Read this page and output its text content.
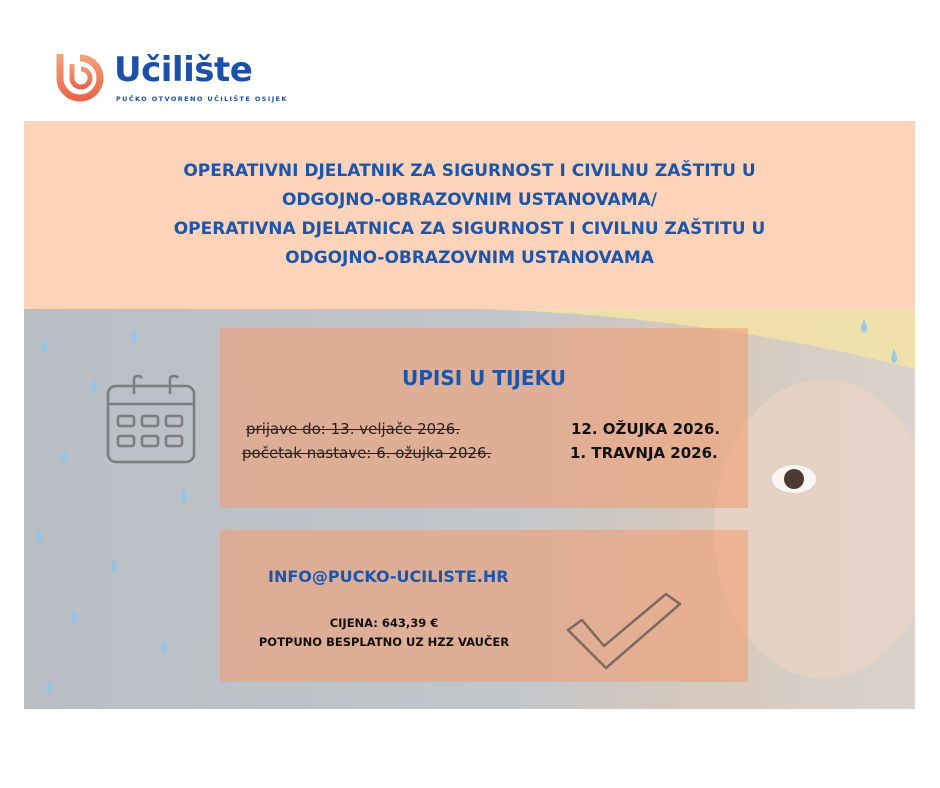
Učilište
PUČKO OTVORENO UČILIŠTE OSIJEK
OPERATIVNI DJELATNIK ZA SIGURNOST I CIVILNU ZAŠTITU U
ODGOJNO-OBRAZOVNIM USTANOVAMA/
OPERATIVNA DJELATNICA ZA SIGURNOST I CIVILNU ZAŠTITU U
ODGOJNO-OBRAZOVNIM USTANOVAMA
UPISI U TIJEKU
prijave do: 13. veljače 2026.
početak nastave: 6. ožujka 2026.
12. OŽUJKA 2026.
1. TRAVNJA 2026.
INFO@PUCKO-UCILISTE.HR
CIJENA: 643,39 €
POTPUNO BESPLATNO UZ HZZ VAUČER
